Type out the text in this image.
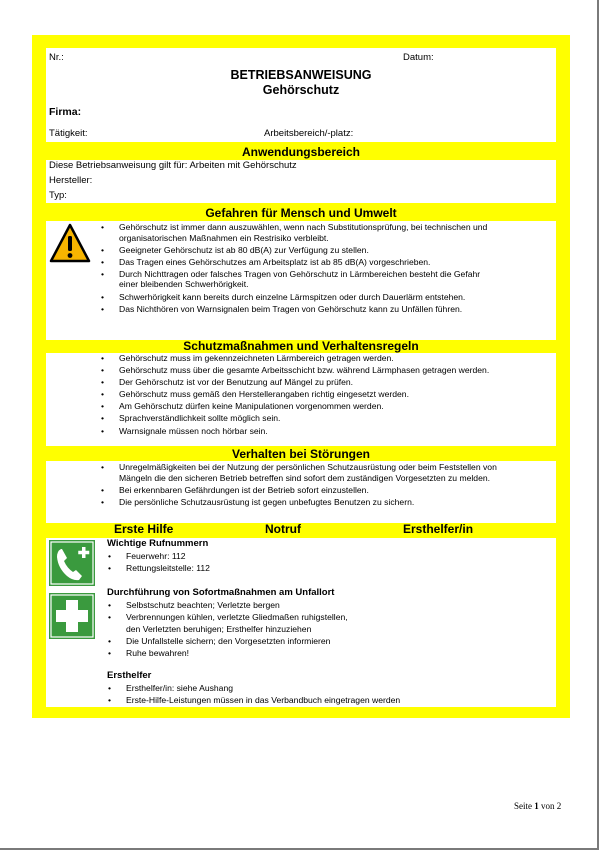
Nr.:	Datum:
BETRIEBSANWEISUNG
Gehörschutz
Firma:
Tätigkeit:	Arbeitsbereich/-platz:
Anwendungsbereich
Diese Betriebsanweisung gilt für: Arbeiten mit Gehörschutz
Hersteller:
Typ:
Gefahren für Mensch und Umwelt
• Gehörschutz ist immer dann auszuwählen, wenn nach Substitutionsprüfung, bei technischen und organisatorischen Maßnahmen ein Restrisiko verbleibt.
• Geeigneter Gehörschutz ist ab 80 dB(A) zur Verfügung zu stellen.
• Das Tragen eines Gehörschutzes am Arbeitsplatz ist ab 85 dB(A) vorgeschrieben.
• Durch Nichttragen oder falsches Tragen von Gehörschutz in Lärmbereichen besteht die Gefahr einer bleibenden Schwerhörigkeit.
• Schwerhörigkeit kann bereits durch einzelne Lärmspitzen oder durch Dauerlärm entstehen.
• Das Nichthören von Warnsignalen beim Tragen von Gehörschutz kann zu Unfällen führen.
Schutzmaßnahmen und Verhaltensregeln
• Gehörschutz muss im gekennzeichneten Lärmbereich getragen werden.
• Gehörschutz muss über die gesamte Arbeitsschicht bzw. während Lärmphasen getragen werden.
• Der Gehörschutz ist vor der Benutzung auf Mängel zu prüfen.
• Gehörschutz muss gemäß den Herstellerangaben richtig eingesetzt werden.
• Am Gehörschutz dürfen keine Manipulationen vorgenommen werden.
• Sprachverständlichkeit sollte möglich sein.
• Warnsignale müssen noch hörbar sein.
Verhalten bei Störungen
• Unregelmäßigkeiten bei der Nutzung der persönlichen Schutzausrüstung oder beim Feststellen von Mängeln die den sicheren Betrieb betreffen sind sofort dem zuständigen Vorgesetzten zu melden.
• Bei erkennbaren Gefährdungen ist der Betrieb sofort einzustellen.
• Die persönliche Schutzausrüstung ist gegen unbefugtes Benutzen zu sichern.
Erste Hilfe	Notruf	Ersthelfer/in
Wichtige Rufnummern
• Feuerwehr: 112
• Rettungsleitstelle: 112
Durchführung von Sofortmaßnahmen am Unfallort
• Selbstschutz beachten; Verletzte bergen
• Verbrennungen kühlen, verletzte Gliedmaßen ruhigstellen,
den Verletzten beruhigen; Ersthelfer hinzuziehen
• Die Unfallstelle sichern; den Vorgesetzten informieren
• Ruhe bewahren!
Ersthelfer
• Ersthelfer/in: siehe Aushang
• Erste-Hilfe-Leistungen müssen in das Verbandbuch eingetragen werden
Seite 1 von 2
